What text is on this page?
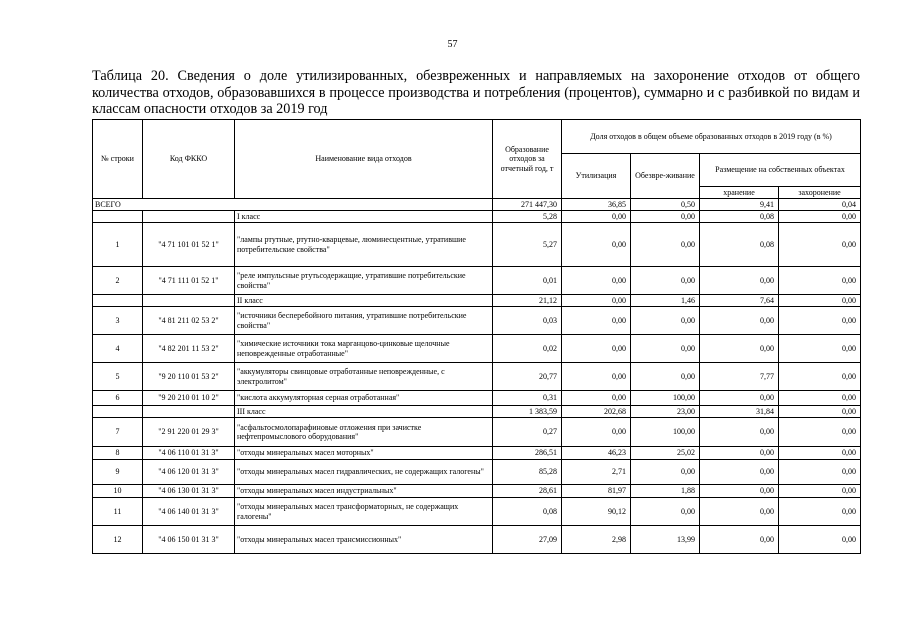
57
Таблица 20. Сведения о доле утилизированных, обезвреженных и направляемых на захоронение отходов от общего количества отходов, образовавшихся в процессе производства и потребления (процентов), суммарно и с разбивкой по видам и классам опасности отходов за 2019 год
№ строки	Код ФККО	Наименование вида отходов	Образование отходов за отчетный год, т	Доля отходов в общем объеме образованных отходов в 2019 году (в %)			
				Утилизация	Обезвре-живание	Размещение на собственных объектах	
						хранение	захоронение
ВСЕГО			271 447,30	36,85	0,50	9,41	0,04
		I класс	5,28	0,00	0,00	0,08	0,00
1	"4 71 101 01 52 1"	"лампы ртутные, ртутно-кварцевые, люминесцентные, утратившие потребительские свойства"	5,27	0,00	0,00	0,08	0,00
2	"4 71 111 01 52 1"	"реле импульсные ртутьсодержащие, утратившие потребительские свойства"	0,01	0,00	0,00	0,00	0,00
		II класс	21,12	0,00	1,46	7,64	0,00
3	"4 81 211 02 53 2"	"источники бесперебойного питания, утратившие потребительские свойства"	0,03	0,00	0,00	0,00	0,00
4	"4 82 201 11 53 2"	"химические источники тока марганцово-цинковые щелочные неповрежденные отработанные"	0,02	0,00	0,00	0,00	0,00
5	"9 20 110 01 53 2"	"аккумуляторы свинцовые отработанные неповрежденные, с электролитом"	20,77	0,00	0,00	7,77	0,00
6	"9 20 210 01 10 2"	"кислота аккумуляторная серная отработанная"	0,31	0,00	100,00	0,00	0,00
		III класс	1 383,59	202,68	23,00	31,84	0,00
7	"2 91 220 01 29 3"	"асфальтосмолопарафиновые отложения при зачистке нефтепромыслового оборудования"	0,27	0,00	100,00	0,00	0,00
8	"4 06 110 01 31 3"	"отходы минеральных масел моторных"	286,51	46,23	25,02	0,00	0,00
9	"4 06 120 01 31 3"	"отходы минеральных масел гидравлических, не содержащих галогены"	85,28	2,71	0,00	0,00	0,00
10	"4 06 130 01 31 3"	"отходы минеральных масел индустриальных"	28,61	81,97	1,88	0,00	0,00
11	"4 06 140 01 31 3"	"отходы минеральных масел трансформаторных, не содержащих галогены"	0,08	90,12	0,00	0,00	0,00
12	"4 06 150 01 31 3"	"отходы минеральных масел трансмиссионных"	27,09	2,98	13,99	0,00	0,00
